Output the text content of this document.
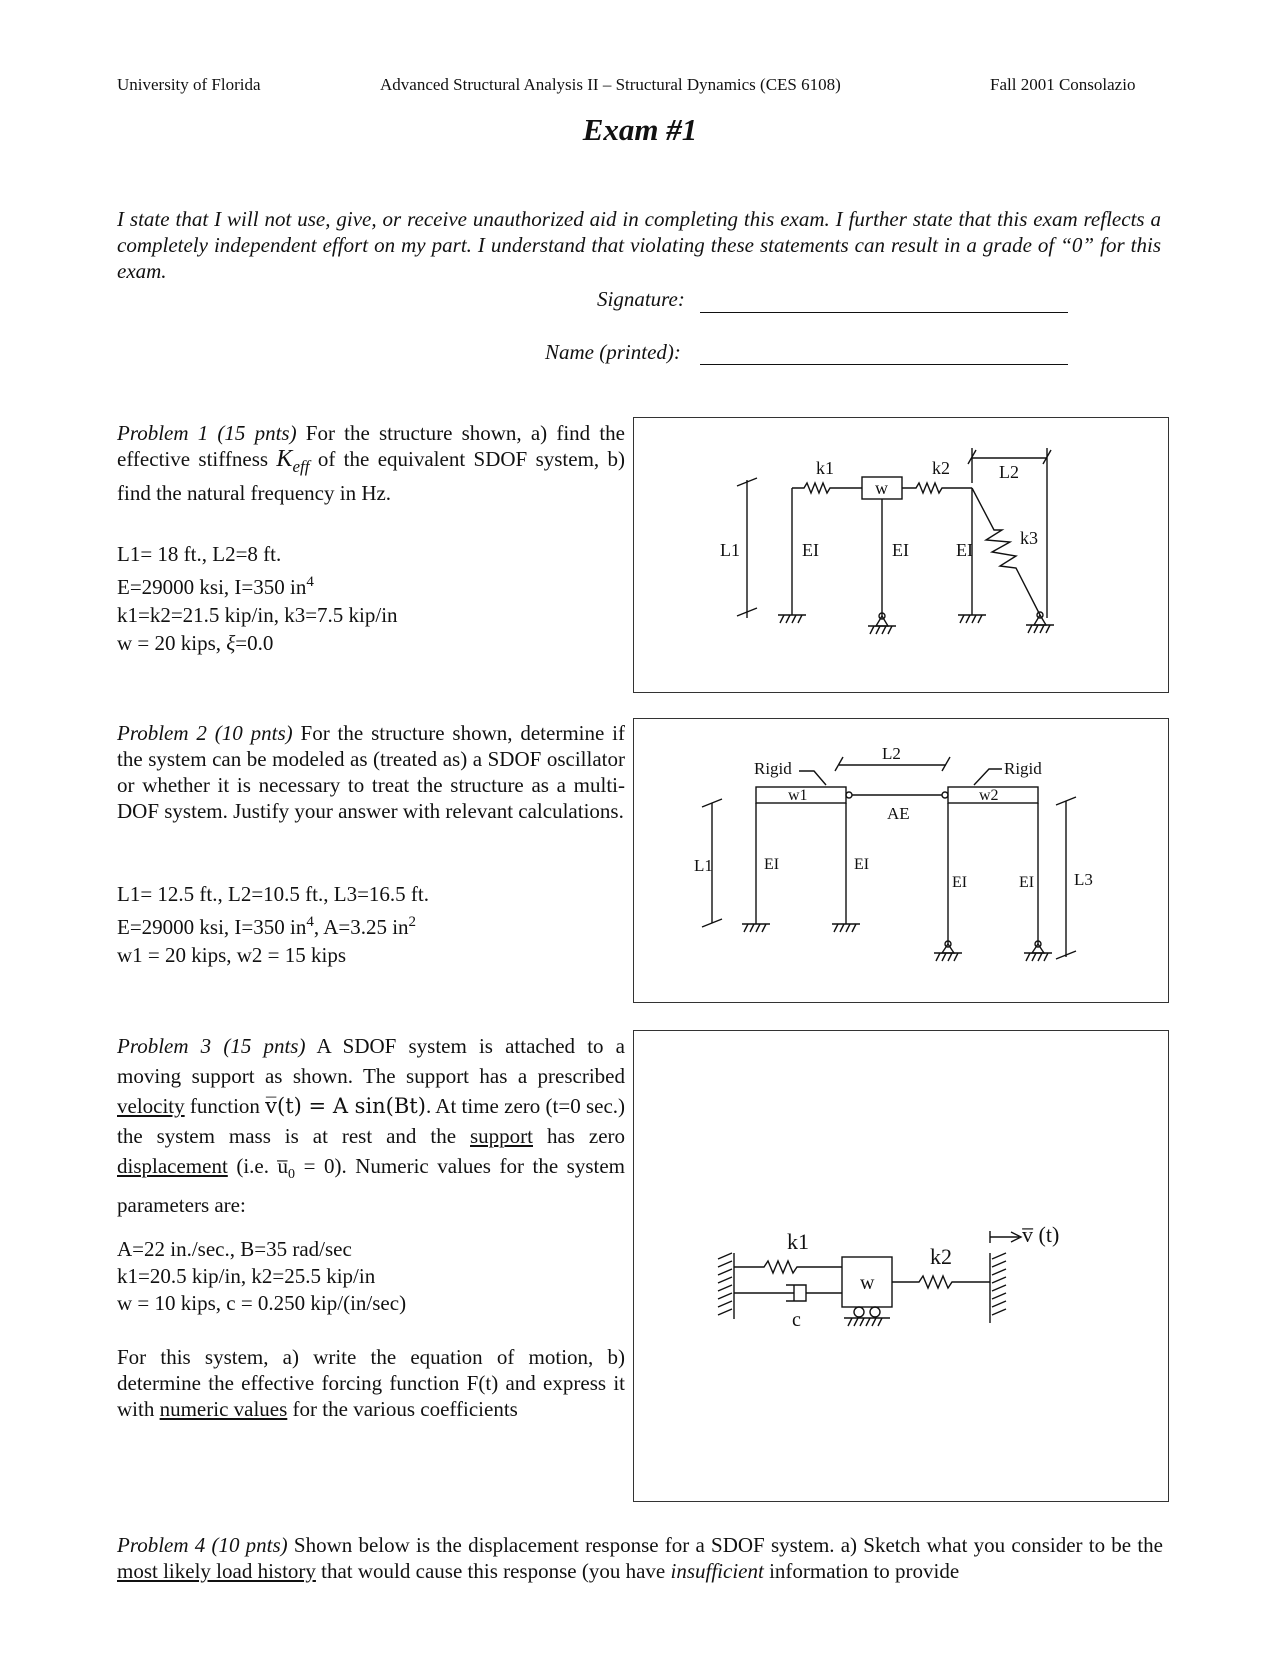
University of Florida	Advanced Structural Analysis II – Structural Dynamics (CES 6108)	Fall 2001 Consolazio
Exam #1
I state that I will not use, give, or receive unauthorized aid in completing this exam. I further state that this exam reflects a completely independent effort on my part. I understand that violating these statements can result in a grade of “0” for this exam.
Signature:
Name (printed):
Problem 1 (15 pnts) For the structure shown, a) find the effective stiffness $K_{eff}$ of the equivalent SDOF system, b) find the natural frequency in Hz.
L1= 18 ft., L2=8 ft.
E=29000 ksi, I=350 $in^4$
k1=k2=21.5 kip/in, k3=7.5 kip/in
w = 20 kips, ξ=0.0
L1	EI
k1
w
EI
k2
EI
k3
L2
Problem 2 (10 pnts) For the structure shown, determine if the system can be modeled as (treated as) a SDOF oscillator or whether it is necessary to treat the structure as a multi-DOF system. Justify your answer with relevant calculations.
L1= 12.5 ft., L2=10.5 ft., L3=16.5 ft.
E=29000 ksi, I=350 $in^4$, A=3.25 $in^2$
w1 = 20 kips, w2 = 15 kips
L1
w1
Rigid
EI	EI
AE
L2
w2
Rigid
EI	EI L3
Problem 3 (15 pnts) A SDOF system is attached to a moving support as shown. The support has a prescribed velocity function v̅(t) = A sin(Bt). At time zero (t=0 sec.) the system mass is at rest and the support has zero displacement (i.e. $u̅_0 = 0$). Numeric values for the system parameters are:
A=22 in./sec., B=35 rad/sec
k1=20.5 kip/in, k2=25.5 kip/in
w = 10 kips, c = 0.250 kip/(in/sec)
For this system, a) write the equation of motion, b) determine the effective forcing function F(t) and express it with numeric values for the various coefficients
k1
c
w
k2
v̅ (t)
Problem 4 (10 pnts) Shown below is the displacement response for a SDOF system. a) Sketch what you consider to be the most likely load history that would cause this response (you have insufficient information to provide
